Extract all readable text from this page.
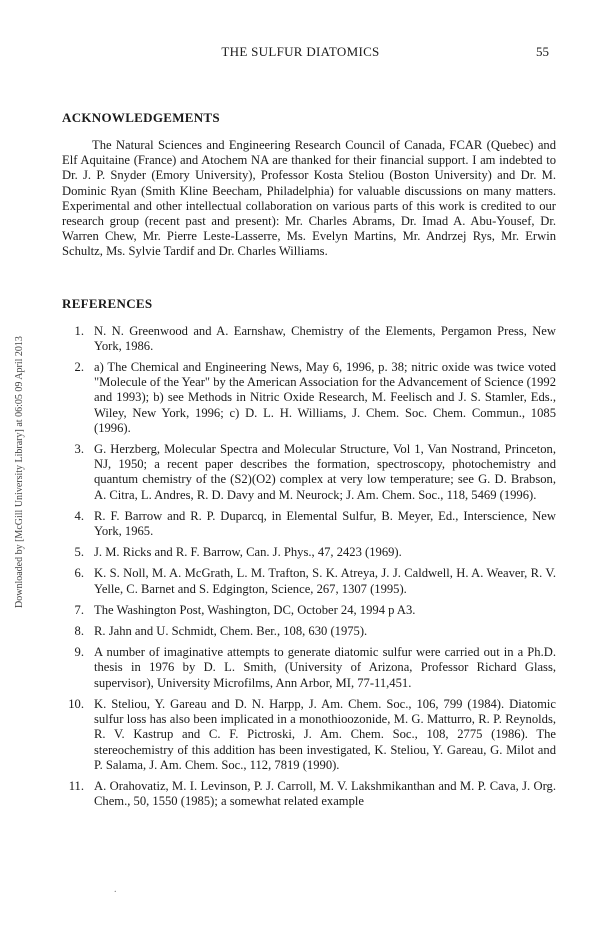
Downloaded by [McGill University Library] at 06:05 09 April 2013
THE SULFUR DIATOMICS	55
ACKNOWLEDGEMENTS

The Natural Sciences and Engineering Research Council of Canada, FCAR (Quebec) and Elf Aquitaine (France) and Atochem NA are thanked for their financial support. I am indebted to Dr. J. P. Snyder (Emory University), Professor Kosta Steliou (Boston University) and Dr. M. Dominic Ryan (Smith Kline Beecham, Philadelphia) for valuable discussions on many matters. Experimental and other intellectual collaboration on various parts of this work is credited to our research group (recent past and present): Mr. Charles Abrams, Dr. Imad A. Abu-Yousef, Dr. Warren Chew, Mr. Pierre Leste-Lasserre, Ms. Evelyn Martins, Mr. Andrzej Rys, Mr. Erwin Schultz, Ms. Sylvie Tardif and Dr. Charles Williams.

REFERENCES
1. N. N. Greenwood and A. Earnshaw, Chemistry of the Elements, Pergamon Press, New York, 1986.
2. a) The Chemical and Engineering News, May 6, 1996, p. 38; nitric oxide was twice voted "Molecule of the Year" by the American Association for the Advancement of Science (1992 and 1993); b) see Methods in Nitric Oxide Research, M. Feelisch and J. S. Stamler, Eds., Wiley, New York, 1996; c) D. L. H. Williams, J. Chem. Soc. Chem. Commun., 1085 (1996).
3. G. Herzberg, Molecular Spectra and Molecular Structure, Vol 1, Van Nostrand, Princeton, NJ, 1950; a recent paper describes the formation, spectroscopy, photochemistry and quantum chemistry of the (S2)(O2) complex at very low temperature; see G. D. Brabson, A. Citra, L. Andres, R. D. Davy and M. Neurock; J. Am. Chem. Soc., 118, 5469 (1996).
4. R. F. Barrow and R. P. Duparcq, in Elemental Sulfur, B. Meyer, Ed., Interscience, New York, 1965.
5. J. M. Ricks and R. F. Barrow, Can. J. Phys., 47, 2423 (1969).
6. K. S. Noll, M. A. McGrath, L. M. Trafton, S. K. Atreya, J. J. Caldwell, H. A. Weaver, R. V. Yelle, C. Barnet and S. Edgington, Science, 267, 1307 (1995).
7. The Washington Post, Washington, DC, October 24, 1994 p A3.
8. R. Jahn and U. Schmidt, Chem. Ber., 108, 630 (1975).
9. A number of imaginative attempts to generate diatomic sulfur were carried out in a Ph.D. thesis in 1976 by D. L. Smith, (University of Arizona, Professor Richard Glass, supervisor), University Microfilms, Ann Arbor, MI, 77-11,451.
10. K. Steliou, Y. Gareau and D. N. Harpp, J. Am. Chem. Soc., 106, 799 (1984). Diatomic sulfur loss has also been implicated in a monothioozonide, M. G. Matturro, R. P. Reynolds, R. V. Kastrup and C. F. Pictroski, J. Am. Chem. Soc., 108, 2775 (1986). The stereochemistry of this addition has been investigated, K. Steliou, Y. Gareau, G. Milot and P. Salama, J. Am. Chem. Soc., 112, 7819 (1990).
11. A. Orahovatiz, M. I. Levinson, P. J. Carroll, M. V. Lakshmikanthan and M. P. Cava, J. Org. Chem., 50, 1550 (1985); a somewhat related example
.
